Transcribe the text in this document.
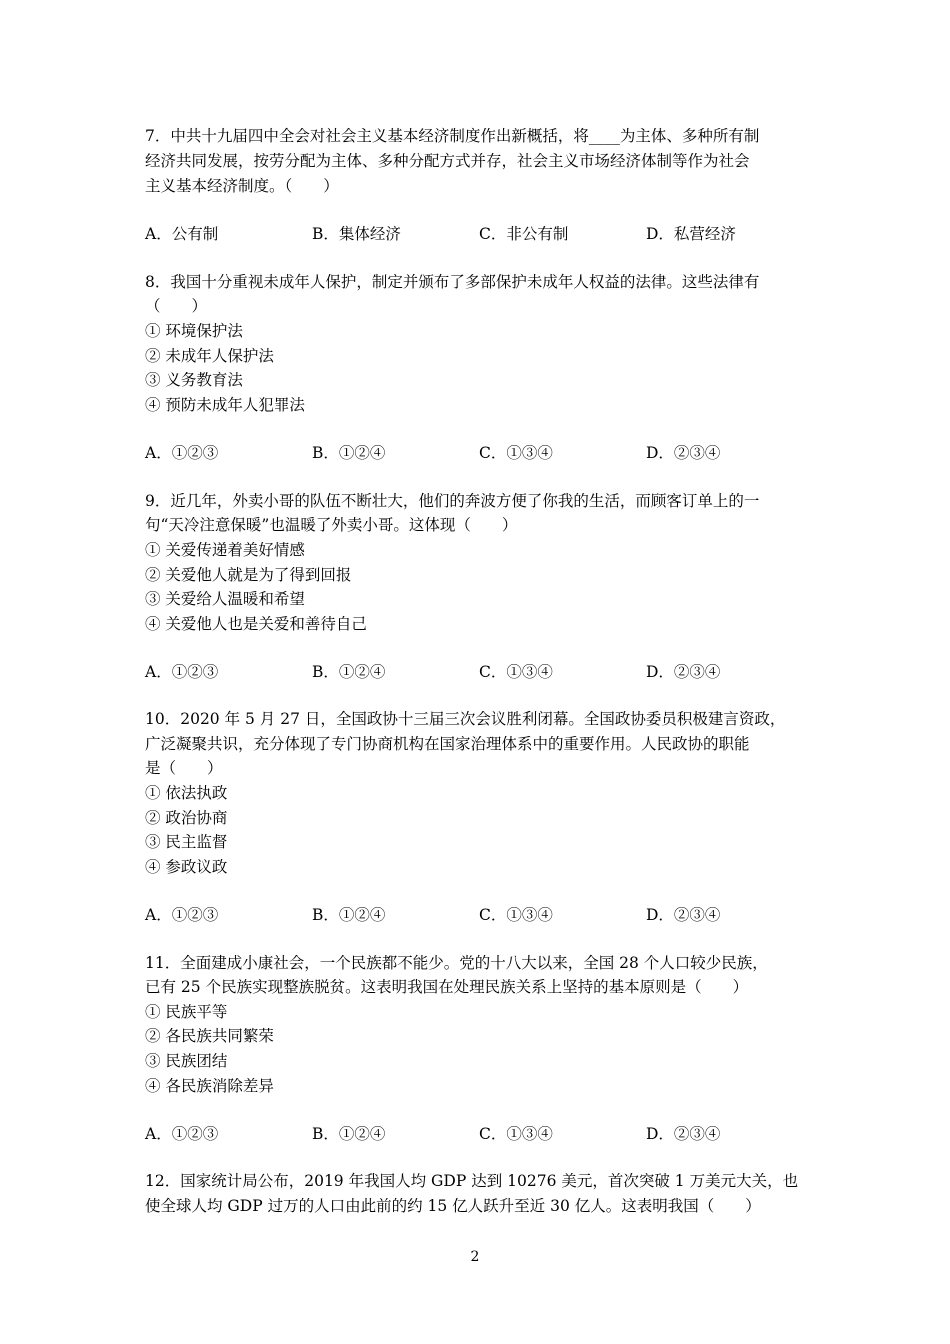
7．中共十九届四中全会对社会主义基本经济制度作出新概括，将____为主体、多种所有制
经济共同发展，按劳分配为主体、多种分配方式并存，社会主义市场经济体制等作为社会
主义基本经济制度。（　　）
A．公有制	B．集体经济	C．非公有制	D．私营经济
8．我国十分重视未成年人保护，制定并颁布了多部保护未成年人权益的法律。这些法律有
（　　）
① 环境保护法
② 未成年人保护法
③ 义务教育法
④ 预防未成年人犯罪法
A．①②③	B．①②④	C．①③④	D．②③④
9．近几年，外卖小哥的队伍不断壮大，他们的奔波方便了你我的生活，而顾客订单上的一
句“天冷注意保暖”也温暖了外卖小哥。这体现（　　）
① 关爱传递着美好情感
② 关爱他人就是为了得到回报
③ 关爱给人温暖和希望
④ 关爱他人也是关爱和善待自己
A．①②③	B．①②④	C．①③④	D．②③④
10．2020 年 5 月 27 日，全国政协十三届三次会议胜利闭幕。全国政协委员积极建言资政，
广泛凝聚共识，充分体现了专门协商机构在国家治理体系中的重要作用。人民政协的职能
是（　　）
① 依法执政
② 政治协商
③ 民主监督
④ 参政议政
A．①②③	B．①②④	C．①③④	D．②③④
11．全面建成小康社会，一个民族都不能少。党的十八大以来，全国 28 个人口较少民族，
已有 25 个民族实现整族脱贫。这表明我国在处理民族关系上坚持的基本原则是（　　）
① 民族平等
② 各民族共同繁荣
③ 民族团结
④ 各民族消除差异
A．①②③	B．①②④	C．①③④	D．②③④
12．国家统计局公布，2019 年我国人均 GDP 达到 10276 美元，首次突破 1 万美元大关，也
使全球人均 GDP 过万的人口由此前的约 15 亿人跃升至近 30 亿人。这表明我国（　　）
2
